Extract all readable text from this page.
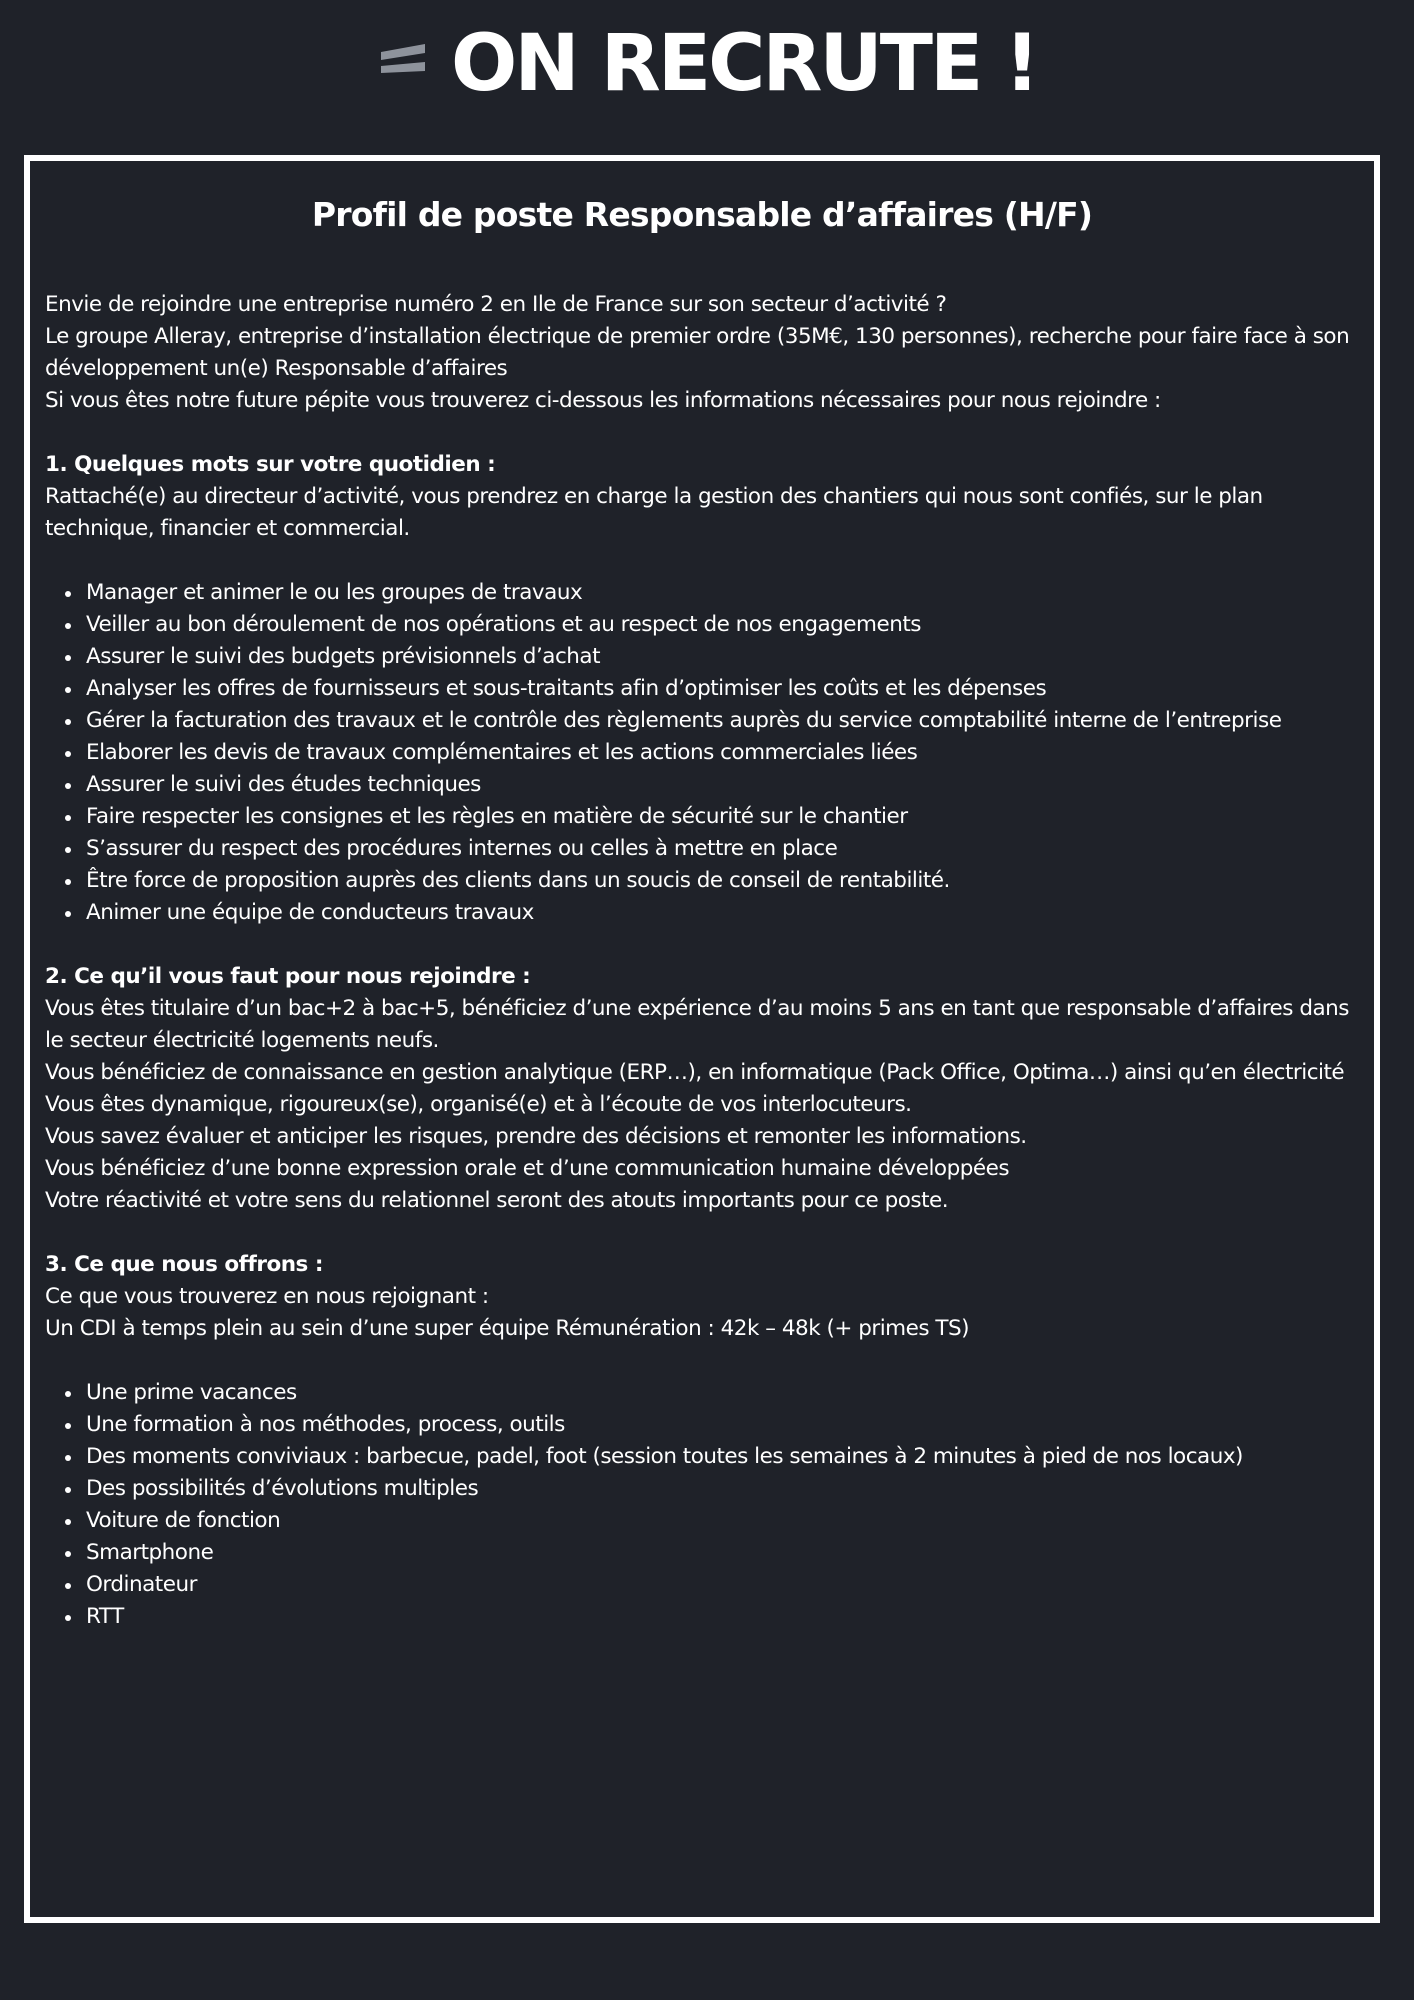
ON RECRUTE !
Profil de poste Responsable d’affaires (H/F)

Envie de rejoindre une entreprise numéro 2 en Ile de France sur son secteur d’activité ?

Le groupe Alleray, entreprise d’installation électrique de premier ordre (35M€, 130 personnes), recherche pour faire face à son développement un(e) Responsable d’affaires

Si vous êtes notre future pépite vous trouverez ci-dessous les informations nécessaires pour nous rejoindre :

1. Quelques mots sur votre quotidien :

Rattaché(e) au directeur d’activité, vous prendrez en charge la gestion des chantiers qui nous sont confiés, sur le plan technique, financier et commercial.

Manager et animer le ou les groupes de travaux
Veiller au bon déroulement de nos opérations et au respect de nos engagements
Assurer le suivi des budgets prévisionnels d’achat
Analyser les offres de fournisseurs et sous-traitants afin d’optimiser les coûts et les dépenses
Gérer la facturation des travaux et le contrôle des règlements auprès du service comptabilité interne de l’entreprise
Elaborer les devis de travaux complémentaires et les actions commerciales liées
Assurer le suivi des études techniques
Faire respecter les consignes et les règles en matière de sécurité sur le chantier
S’assurer du respect des procédures internes ou celles à mettre en place
Être force de proposition auprès des clients dans un soucis de conseil de rentabilité.
Animer une équipe de conducteurs travaux

2. Ce qu’il vous faut pour nous rejoindre :

Vous êtes titulaire d’un bac+2 à bac+5, bénéficiez d’une expérience d’au moins 5 ans en tant que responsable d’affaires dans le secteur électricité logements neufs.

Vous bénéficiez de connaissance en gestion analytique (ERP…), en informatique (Pack Office, Optima…) ainsi qu’en électricité

Vous êtes dynamique, rigoureux(se), organisé(e) et à l’écoute de vos interlocuteurs.

Vous savez évaluer et anticiper les risques, prendre des décisions et remonter les informations.

Vous bénéficiez d’une bonne expression orale et d’une communication humaine développées

Votre réactivité et votre sens du relationnel seront des atouts importants pour ce poste.

3. Ce que nous offrons :

Ce que vous trouverez en nous rejoignant :

Un CDI à temps plein au sein d’une super équipe Rémunération : 42k – 48k (+ primes TS)

Une prime vacances
Une formation à nos méthodes, process, outils
Des moments conviviaux : barbecue, padel, foot (session toutes les semaines à 2 minutes à pied de nos locaux)
Des possibilités d’évolutions multiples
Voiture de fonction
Smartphone
Ordinateur
RTT
